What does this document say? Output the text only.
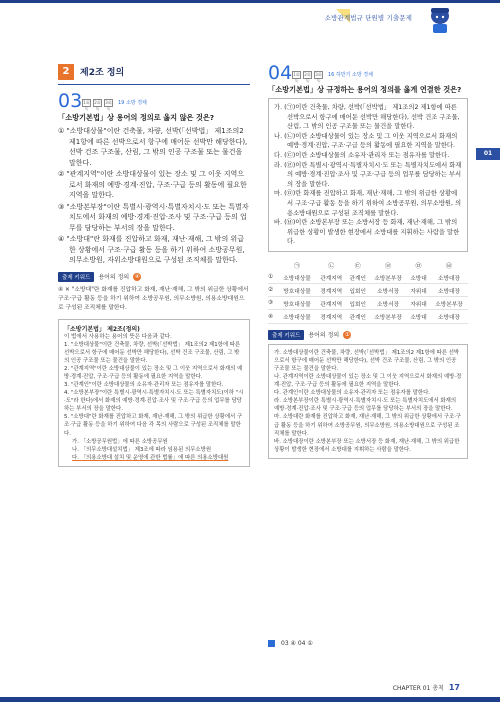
소방관계법규 단원별 기출문제
2	제2조 정의
03 1회독
2회독
3회독
19 소방 경채
「소방기본법」상 용어의 정의로 옳지 않은 것은?
① "소방대상물"이란 건축물, 차량, 선박(「선박법」 제1조의2 제1항에 따른 선박으로서 항구에 매어둔 선박만 해당한다), 선박 건조 구조물, 산림, 그 밖의 인공 구조물 또는 물건을 말한다.
② "관계지역"이란 소방대상물이 있는 장소 및 그 이웃 지역으로서 화재의 예방·경계·진압, 구조·구급 등의 활동에 필요한 지역을 말한다.
③ "소방본부장"이란 특별시·광역시·특별자치시·도 또는 특별자치도에서 화재의 예방·경계·진압·조사 및 구조·구급 등의 업무를 담당하는 부서의 장을 말한다.
④ "소방대"란 화재를 진압하고 화재, 재난·재해, 그 밖의 위급한 상황에서 구조·구급 활동 등을 하기 위하여 소방공무원, 의무소방원, 자위소방대원으로 구성된 조직체를 말한다.
출제 키워드	용어의 정의 ④
④ ✕ "소방대"란 화재를 진압하고 화재, 재난·재해, 그 밖의 위급한 상황에서 구조·구급 활동 등을 하기 위하여 소방공무원, 의무소방원, 의용소방대원으로 구성된 조직체를 말한다.
「소방기본법」 제2조(정의)
이 법에서 사용하는 용어의 뜻은 다음과 같다.
1. "소방대상물"이란 건축물, 차량, 선박(「선박법」 제1조의2 제1항에 따른 선박으로서 항구에 매어둔 선박만 해당한다), 선박 건조 구조물, 산림, 그 밖의 인공 구조물 또는 물건을 말한다.
2. "관계지역"이란 소방대상물이 있는 장소 및 그 이웃 지역으로서 화재의 예방·경계·진압, 구조·구급 등의 활동에 필요한 지역을 말한다.
3. "관계인"이란 소방대상물의 소유자·관리자 또는 점유자를 말한다.
4. "소방본부장"이란 특별시·광역시·특별자치시·도 또는 특별자치도(이하 "시·도"라 한다)에서 화재의 예방·경계·진압·조사 및 구조·구급 등의 업무를 담당하는 부서의 장을 말한다.
5. "소방대"란 화재를 진압하고 화재, 재난·재해, 그 밖의 위급한 상황에서 구조·구급 활동 등을 하기 위하여 다음 각 목의 사람으로 구성된 조직체를 말한다.
가. 「소방공무원법」에 따른 소방공무원
나. 「의무소방대설치법」 제3조에 따라 임용된 의무소방원
다. 「의용소방대 설치 및 운영에 관한 법률」에 따른 의용소방대원
04 1회독
2회독
3회독
16 하반기 소방 경채
「소방기본법」상 규정하는 용어의 정의를 옳게 연결한 것은?
가. (㉠)이란 건축물, 차량, 선박(「선박법」 제1조의2 제1항에 따른 선박으로서 항구에 매어둔 선박만 해당한다), 선박 건조 구조물, 산림, 그 밖의 인공 구조물 또는 물건을 말한다.
나. (㉡)이란 소방대상물이 있는 장소 및 그 이웃 지역으로서 화재의 예방·경계·진압, 구조·구급 등의 활동에 필요한 지역을 말한다.
다. (㉢)이란 소방대상물의 소유자·관리자 또는 점유자를 말한다.
라. (㉣)이란 특별시·광역시·특별자치시·도 또는 특별자치도에서 화재의 예방·경계·진압·조사 및 구조·구급 등의 업무를 담당하는 부서의 장을 말한다.
마. (㉤)란 화재를 진압하고 화재, 재난·재해, 그 밖의 위급한 상황에서 구조·구급 활동 등을 하기 위하여 소방공무원, 의무소방원, 의용소방대원으로 구성된 조직체를 말한다.
바. (㉥)이란 소방본부장 또는 소방서장 등 화재, 재난·재해, 그 밖의 위급한 상황이 발생한 현장에서 소방대를 지휘하는 사람을 말한다.
	㉠	㉡	㉢	㉣	㉤	㉥
①	소방대상물	관계지역	관계인	소방본부장	소방대	소방대장
②	방호대상물	경계지역	입회인	소방서장	자위대	소방대장
③	방호대상물	관계지역	입회인	소방서장	자위대	소방본부장
④	소방대상물	경계지역	관계인	소방본부장	소방대	소방대장
출제 키워드	용어의 정의 ①
가. 소방대상물이란 건축물, 차량, 선박(「선박법」 제1조의2 제1항에 따른 선박으로서 항구에 매어둔 선박만 해당한다), 선박 건조 구조물, 산림, 그 밖의 인공 구조물 또는 물건을 말한다.
나. 관계지역이란 소방대상물이 있는 장소 및 그 이웃 지역으로서 화재의 예방·경계·진압, 구조·구급 등의 활동에 필요한 지역을 말한다.
다. 관계인이란 소방대상물의 소유자·관리자 또는 점유자를 말한다.
라. 소방본부장이란 특별시·광역시·특별자치시·도 또는 특별자치도에서 화재의 예방·경계·진압·조사 및 구조·구급 등의 업무를 담당하는 부서의 장을 말한다.
마. 소방대란 화재를 진압하고 화재, 재난·재해, 그 밖의 위급한 상황에서 구조·구급 활동 등을 하기 위하여 소방공무원, 의무소방원, 의용소방대원으로 구성된 조직체를 말한다.
바. 소방대장이란 소방본부장 또는 소방서장 등 화재, 재난·재해, 그 밖의 위급한 상황이 발생한 현장에서 소방대를 지휘하는 사람을 말한다.
01
03 ④ 04 ①
CHAPTER 01 총칙 17
